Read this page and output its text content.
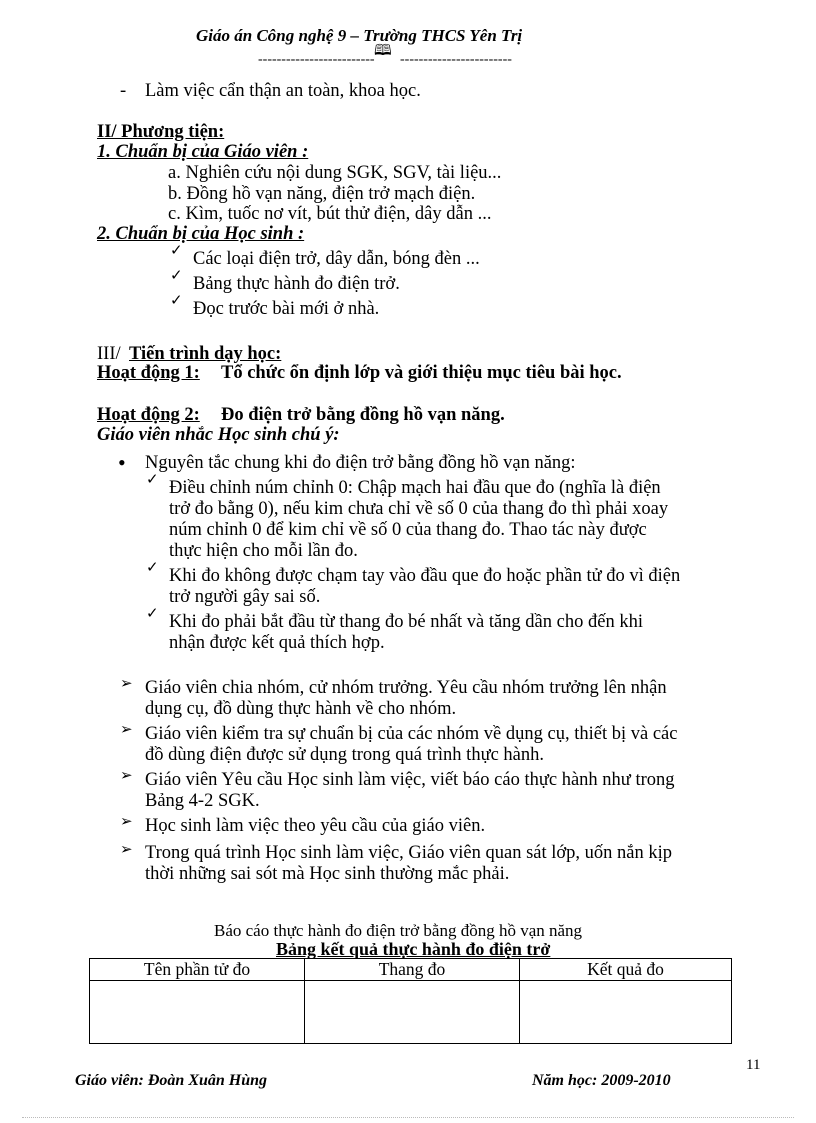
Giáo án Công nghệ 9 – Trường THCS Yên Trị
-------------------------
🕮
------------------------
- Làm việc cẩn thận an toàn, khoa học.
II/ Phương tiện:
1. Chuẩn bị của Giáo viên :
a. Nghiên cứu nội dung SGK, SGV, tài liệu...
b. Đồng hồ vạn năng, điện trở mạch điện.
c. Kìm, tuốc nơ vít, bút thử điện, dây dẫn ...
2. Chuẩn bị của Học sinh :
✓ Các loại điện trở, dây dẫn, bóng đèn ...
✓ Bảng thực hành đo điện trở.
✓ Đọc trước bài mới ở nhà.
III/ Tiến trình dạy học:
Hoạt động 1: Tổ chức ổn định lớp và giới thiệu mục tiêu bài học.
Hoạt động 2: Đo điện trở bằng đồng hồ vạn năng.
Giáo viên nhắc Học sinh chú ý:
• Nguyên tắc chung khi đo điện trở bằng đồng hồ vạn năng:
✓ Điều chỉnh núm chỉnh 0: Chập mạch hai đầu que đo (nghĩa là điện
trở đo bằng 0), nếu kim chưa chỉ về số 0 của thang đo thì phải xoay
núm chỉnh 0 để kim chỉ về số 0 của thang đo. Thao tác này được
thực hiện cho mỗi lần đo.
✓ Khi đo không được chạm tay vào đầu que đo hoặc phần tử đo vì điện
trở người gây sai số.
✓ Khi đo phải bắt đầu từ thang đo bé nhất và tăng dần cho đến khi
nhận được kết quả thích hợp.
➢ Giáo viên chia nhóm, cử nhóm trưởng. Yêu cầu nhóm trưởng lên nhận
dụng cụ, đồ dùng thực hành về cho nhóm.
➢ Giáo viên kiểm tra sự chuẩn bị của các nhóm về dụng cụ, thiết bị và các
đồ dùng điện được sử dụng trong quá trình thực hành.
➢ Giáo viên Yêu cầu Học sinh làm việc, viết báo cáo thực hành như trong
Bảng 4-2 SGK.
➢ Học sinh làm việc theo yêu cầu của giáo viên.
➢ Trong quá trình Học sinh làm việc, Giáo viên quan sát lớp, uốn nắn kịp
thời những sai sót mà Học sinh thường mắc phải.
Báo cáo thực hành đo điện trở bằng đồng hồ vạn năng
Bảng kết quả thực hành đo điện trở
Tên phần tử đo	Thang đo	Kết quả đo

11
Giáo viên: Đoàn Xuân Hùng	Năm học: 2009-2010
